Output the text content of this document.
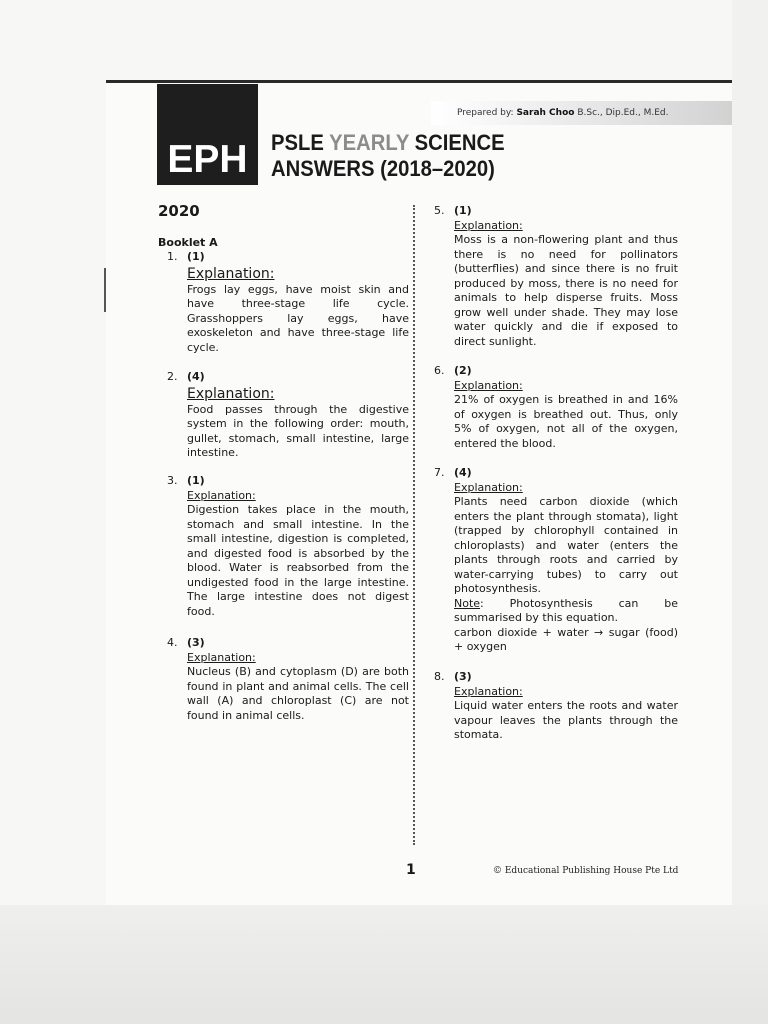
EPH
Prepared by: Sarah Choo B.Sc., Dip.Ed., M.Ed.
PSLE YEARLY SCIENCE
ANSWERS (2018–2020)
2020
Booklet A
1. (1)
Explanation:
Frogs lay eggs, have moist skin and have three-stage life cycle. Grasshoppers lay eggs, have exoskeleton and have three-stage life cycle.
2. (4)
Explanation:
Food passes through the digestive system in the following order: mouth, gullet, stomach, small intestine, large intestine.
3. (1)
Explanation:
Digestion takes place in the mouth, stomach and small intestine. In the small intestine, digestion is completed, and digested food is absorbed by the blood. Water is reabsorbed from the undigested food in the large intestine. The large intestine does not digest food.
4. (3)
Explanation:
Nucleus (B) and cytoplasm (D) are both found in plant and animal cells. The cell wall (A) and chloroplast (C) are not found in animal cells.
5. (1)
Explanation:
Moss is a non-flowering plant and thus there is no need for pollinators (butterflies) and since there is no fruit produced by moss, there is no need for animals to help disperse fruits. Moss grow well under shade. They may lose water quickly and die if exposed to direct sunlight.
6. (2)
Explanation:
21% of oxygen is breathed in and 16% of oxygen is breathed out. Thus, only 5% of oxygen, not all of the oxygen, entered the blood.
7. (4)
Explanation:
Plants need carbon dioxide (which enters the plant through stomata), light (trapped by chlorophyll contained in chloroplasts) and water (enters the plants through roots and carried by water-carrying tubes) to carry out photosynthesis.
Note: Photosynthesis can be summarised by this equation.
carbon dioxide + water → sugar (food) + oxygen
8. (3)
Explanation:
Liquid water enters the roots and water vapour leaves the plants through the stomata.
1	© Educational Publishing House Pte Ltd
